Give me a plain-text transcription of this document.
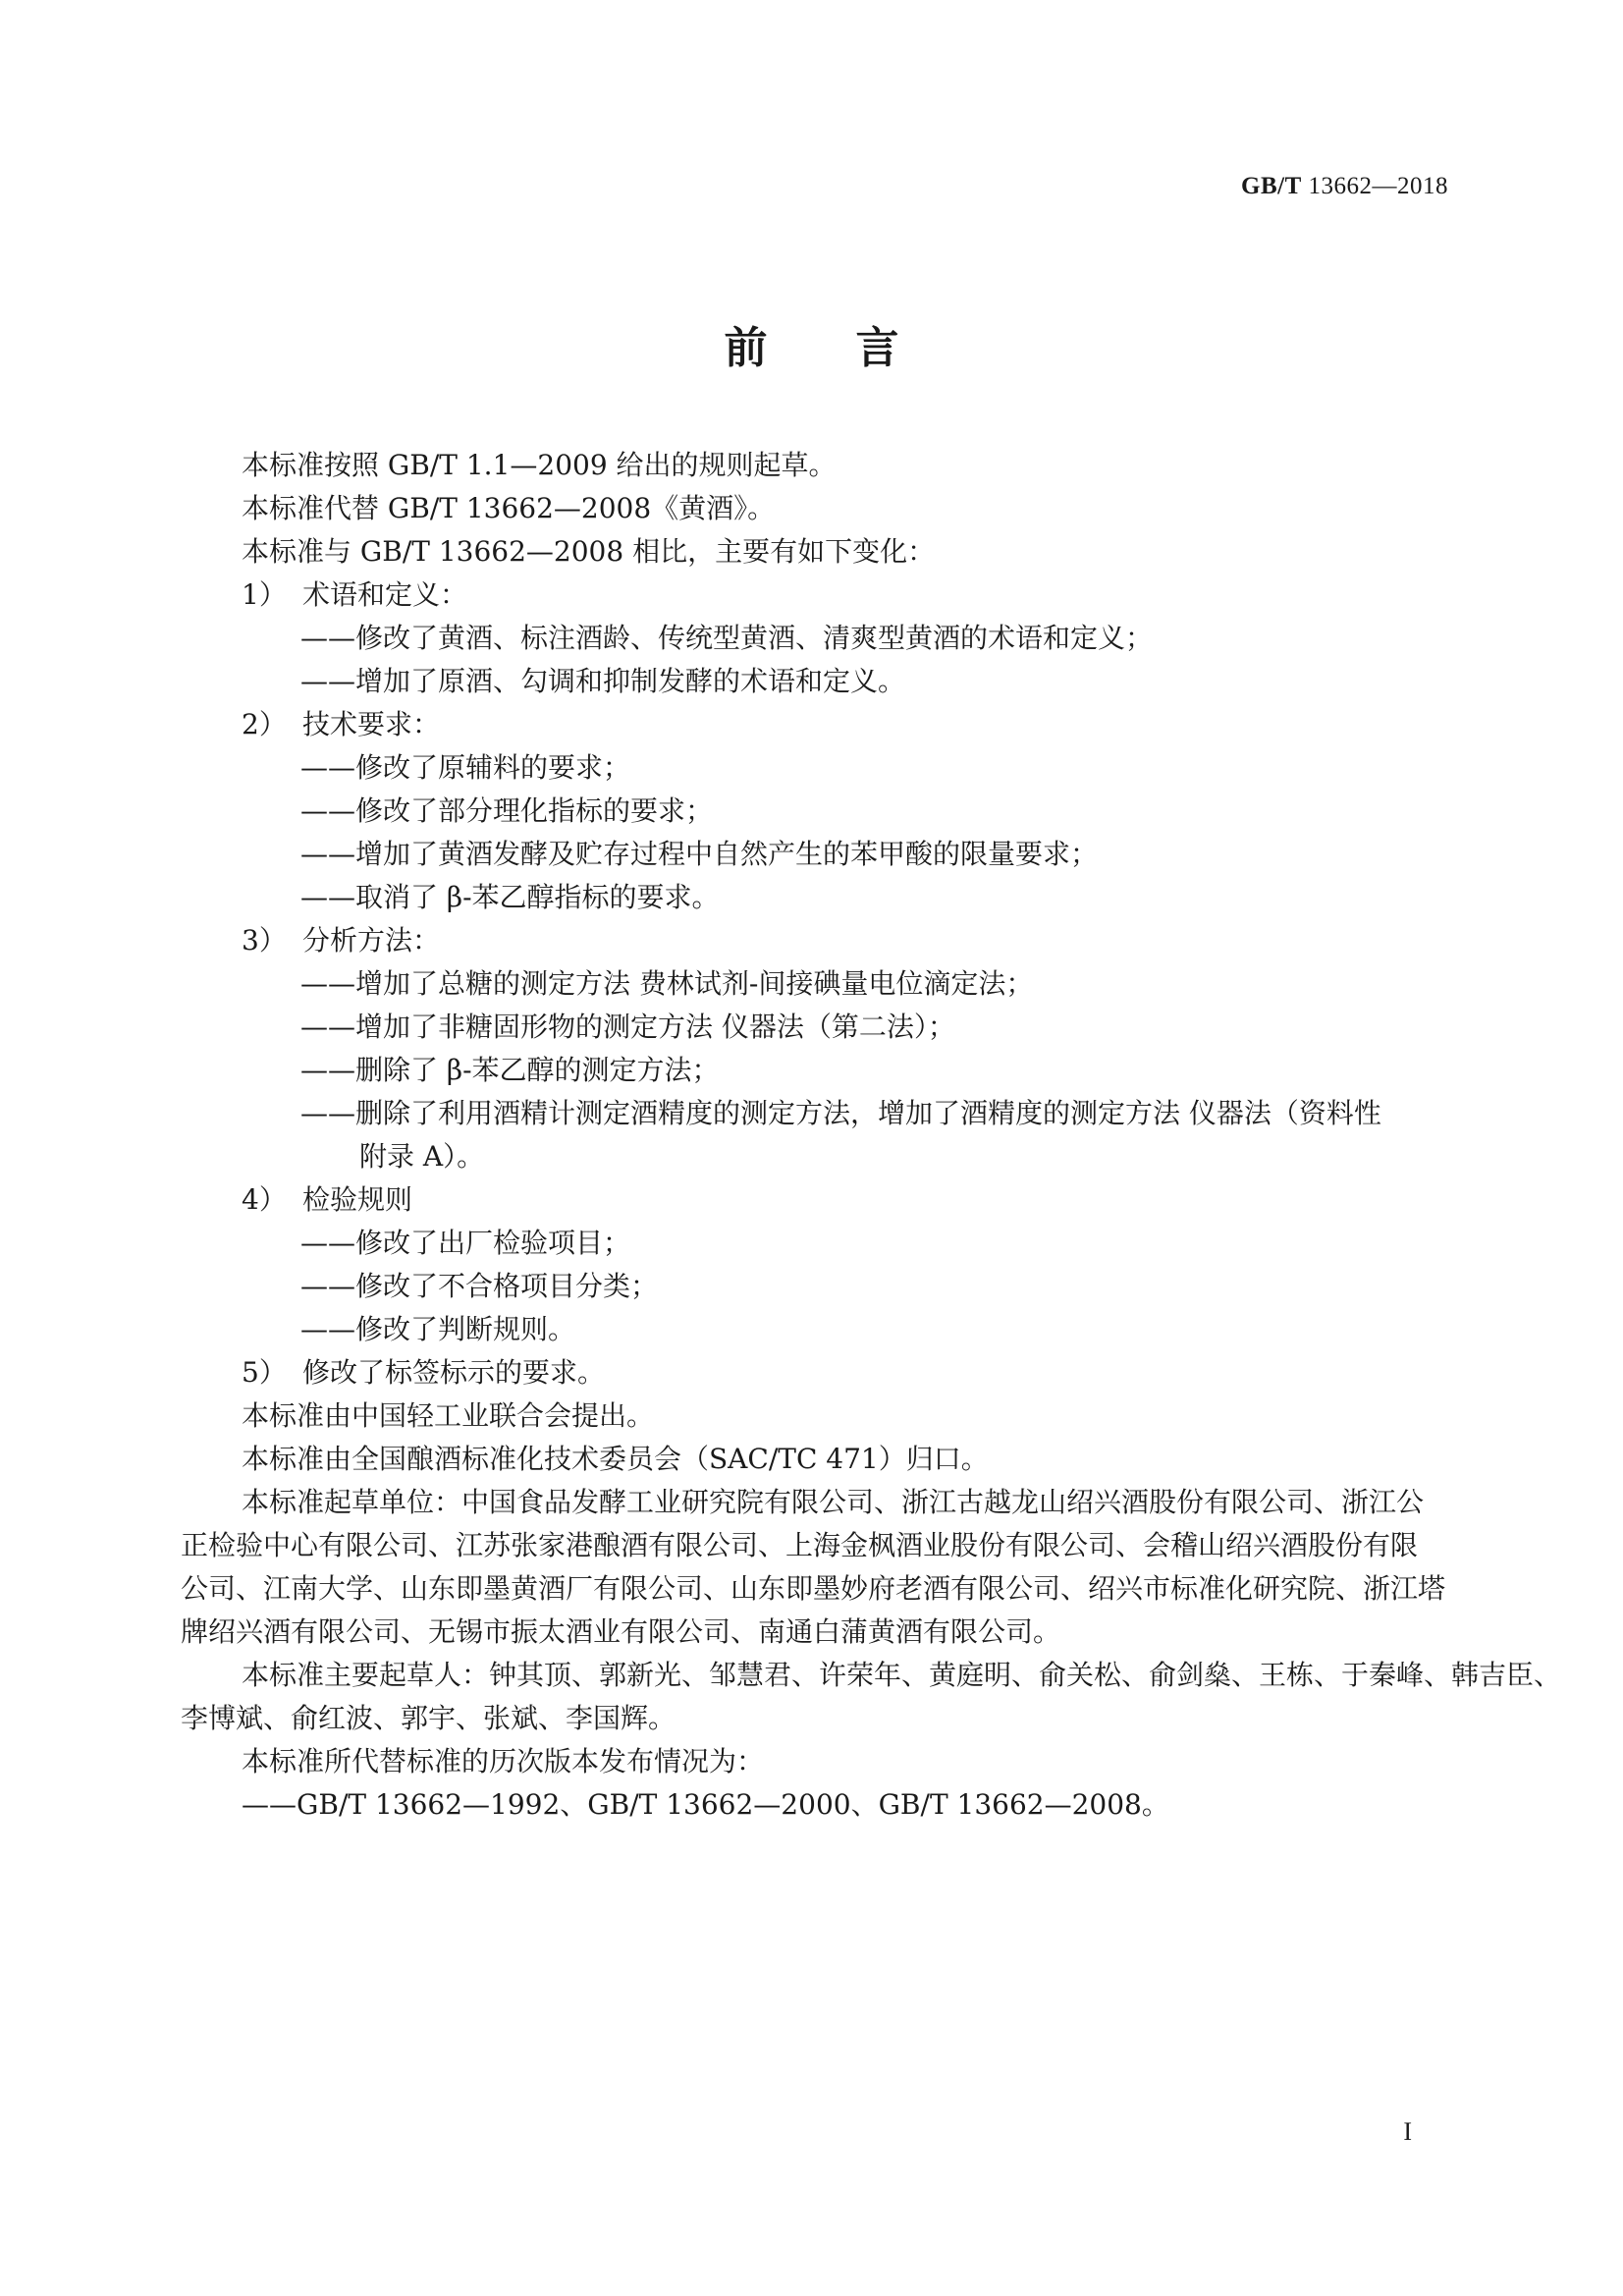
GB/T 13662—2018
前言
本标准按照 GB/T 1.1—2009 给出的规则起草。
本标准代替 GB/T 13662—2008《黄酒》。
本标准与 GB/T 13662—2008 相比，主要有如下变化：
1） 术语和定义：
——修改了黄酒、标注酒龄、传统型黄酒、清爽型黄酒的术语和定义；
——增加了原酒、勾调和抑制发酵的术语和定义。
2） 技术要求：
——修改了原辅料的要求；
——修改了部分理化指标的要求；
——增加了黄酒发酵及贮存过程中自然产生的苯甲酸的限量要求；
——取消了 β-苯乙醇指标的要求。
3） 分析方法：
——增加了总糖的测定方法 费林试剂-间接碘量电位滴定法；
——增加了非糖固形物的测定方法 仪器法（第二法）；
——删除了 β-苯乙醇的测定方法；
——删除了利用酒精计测定酒精度的测定方法，增加了酒精度的测定方法 仪器法（资料性
附录 A）。
4） 检验规则
——修改了出厂检验项目；
——修改了不合格项目分类；
——修改了判断规则。
5） 修改了标签标示的要求。
本标准由中国轻工业联合会提出。
本标准由全国酿酒标准化技术委员会（SAC/TC 471）归口。
本标准起草单位：中国食品发酵工业研究院有限公司、浙江古越龙山绍兴酒股份有限公司、浙江公
正检验中心有限公司、江苏张家港酿酒有限公司、上海金枫酒业股份有限公司、会稽山绍兴酒股份有限
公司、江南大学、山东即墨黄酒厂有限公司、山东即墨妙府老酒有限公司、绍兴市标准化研究院、浙江塔
牌绍兴酒有限公司、无锡市振太酒业有限公司、南通白蒲黄酒有限公司。
本标准主要起草人：钟其顶、郭新光、邹慧君、许荣年、黄庭明、俞关松、俞剑燊、王栋、于秦峰、韩吉臣、
李博斌、俞红波、郭宇、张斌、李国辉。
本标准所代替标准的历次版本发布情况为：
——GB/T 13662—1992、GB/T 13662—2000、GB/T 13662—2008。
I
